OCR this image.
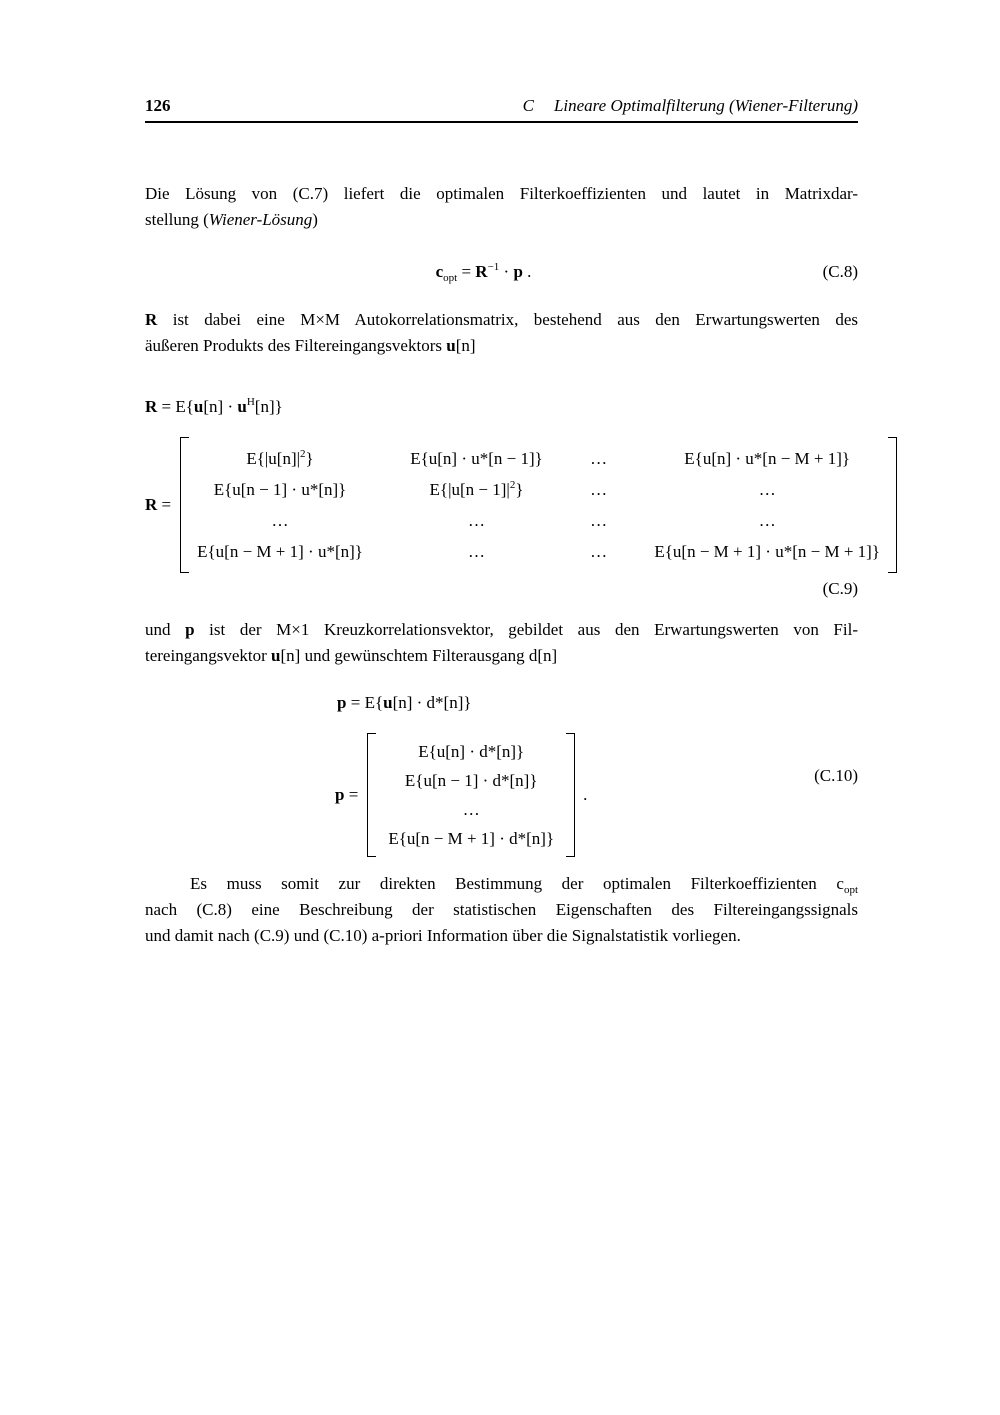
126	C Lineare Optimalfilterung (Wiener-Filterung)
Die Lösung von (C.7) liefert die optimalen Filterkoeffizienten und lautet in Matrixdar-
stellung (Wiener-Lösung)
$c_{opt} = R^{-1} \cdot p$ .	(C.8)
R ist dabei eine M×M Autokorrelationsmatrix, bestehend aus den Erwartungswerten des
äußeren Produkts des Filtereingangsvektors u[n]
$R = E\{u[n] \cdot u^H[n]\}$
R =
$E\{|u[n]|^2\}$	E{u[n] · u*[n − 1]}	…	E{u[n] · u*[n − M + 1]}
E{u[n − 1] · u*[n]}	$E\{|u[n - 1]|^2\}$	…	…
…	…	…	…
E{u[n − M + 1] · u*[n]}	…	…	E{u[n − M + 1] · u*[n − M + 1]}
(C.9)
und p ist der M×1 Kreuzkorrelationsvektor, gebildet aus den Erwartungswerten von Fil-
tereingangsvektor u[n] und gewünschtem Filterausgang d[n]
p = E{u[n] · d*[n]}
p =
E{u[n] · d*[n]}
E{u[n − 1] · d*[n]}
…
E{u[n − M + 1] · d*[n]}
.
(C.10)
Es muss somit zur direkten Bestimmung der optimalen Filterkoeffizienten $c_{opt}$
nach (C.8) eine Beschreibung der statistischen Eigenschaften des Filtereingangssignals
und damit nach (C.9) und (C.10) a-priori Information über die Signalstatistik vorliegen.
